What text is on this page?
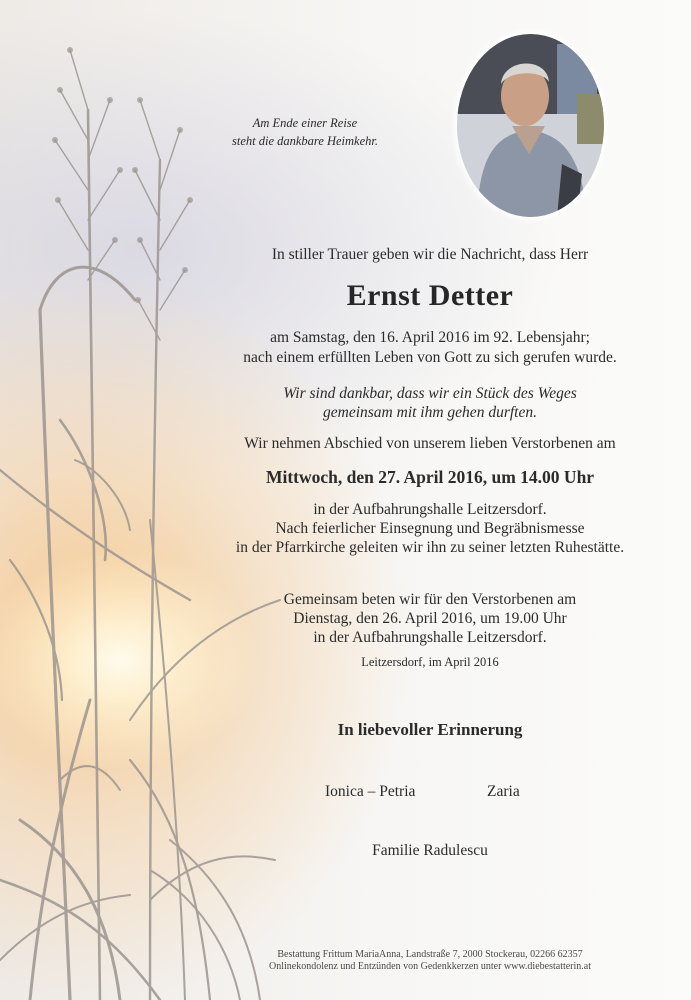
Am Ende einer Reise
steht die dankbare Heimkehr.
In stiller Trauer geben wir die Nachricht, dass Herr
Ernst Detter
am Samstag, den 16. April 2016 im 92. Lebensjahr;
nach einem erfüllten Leben von Gott zu sich gerufen wurde.
Wir sind dankbar, dass wir ein Stück des Weges
gemeinsam mit ihm gehen durften.
Wir nehmen Abschied von unserem lieben Verstorbenen am
Mittwoch, den 27. April 2016, um 14.00 Uhr
in der Aufbahrungshalle Leitzersdorf.
Nach feierlicher Einsegnung und Begräbnismesse
in der Pfarrkirche geleiten wir ihn zu seiner letzten Ruhestätte.
Gemeinsam beten wir für den Verstorbenen am
Dienstag, den 26. April 2016, um 19.00 Uhr
in der Aufbahrungshalle Leitzersdorf.
Leitzersdorf, im April 2016
In liebevoller Erinnerung
Ionica – Petria	Zaria
Familie Radulescu
Bestattung Frittum MariaAnna, Landstraße 7, 2000 Stockerau, 02266 62357
Onlinekondolenz und Entzünden von Gedenkkerzen unter www.diebestatterin.at
